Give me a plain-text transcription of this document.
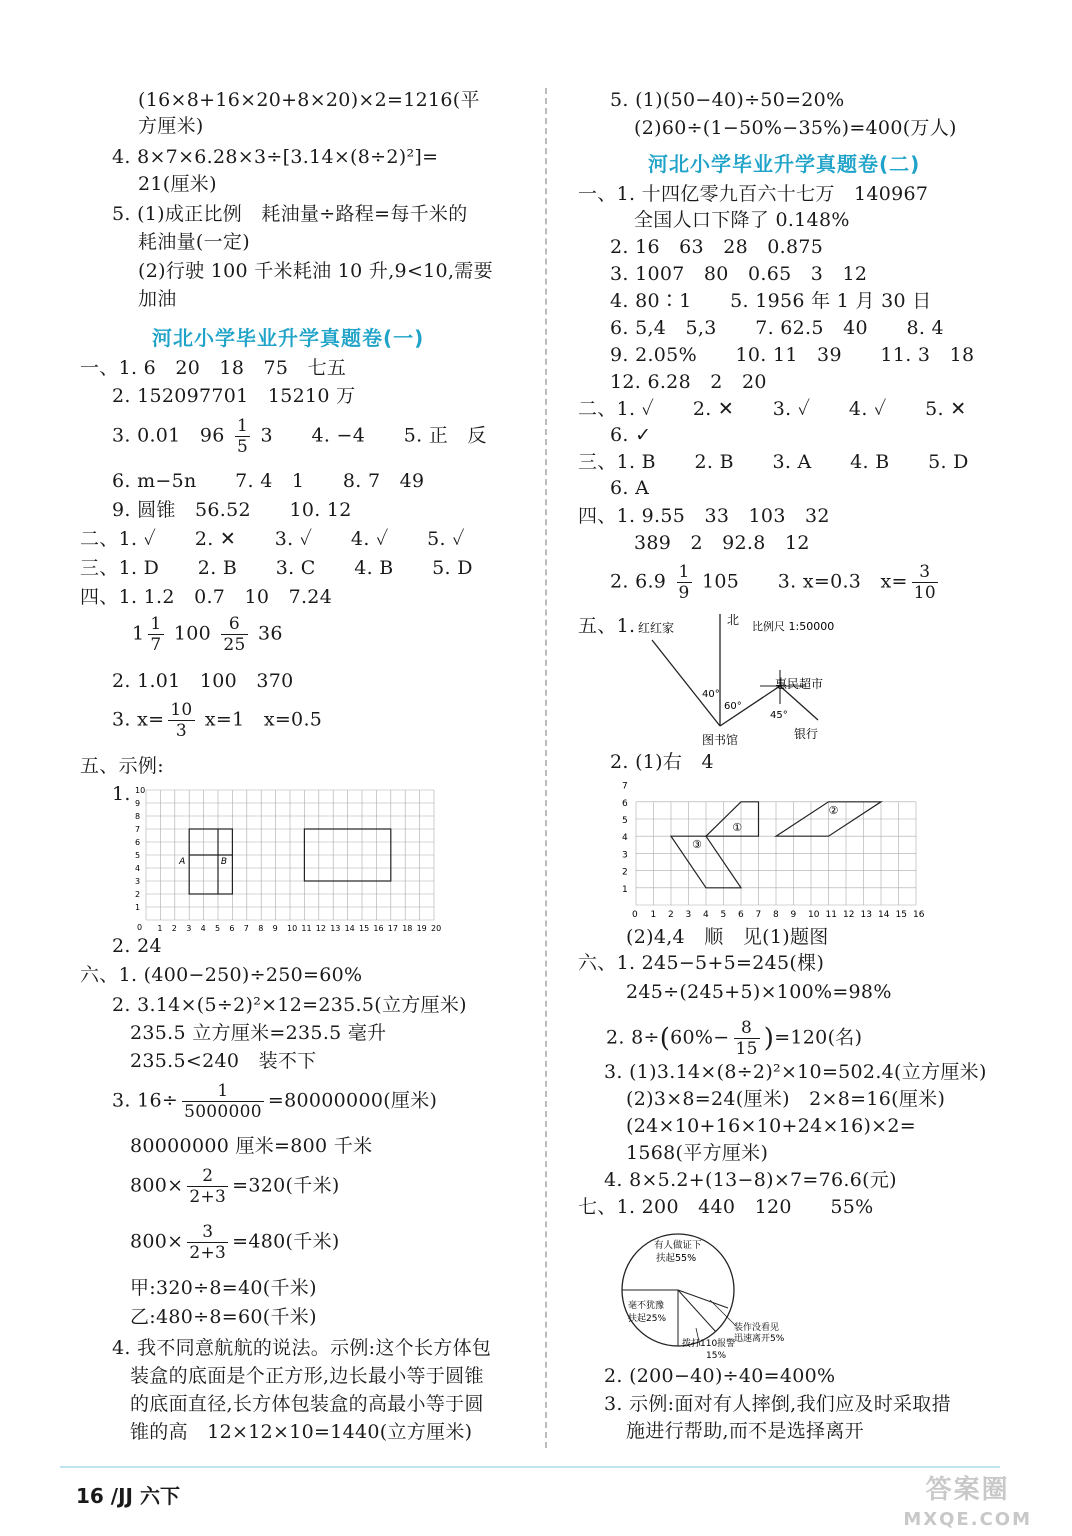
(16×8+16×20+8×20)×2=1216(平
方厘米)
4. 8×7×6.28×3÷[3.14×(8÷2)²]=
21(厘米)
5. (1)成正比例　耗油量÷路程=每千米的
耗油量(一定)
(2)行驶 100 千米耗油 10 升,9<10,需要
加油
河北小学毕业升学真题卷(一)
一、1. 6　20　18　75　七五
2. 152097701　15210 万
3. 0.01　$96 \frac{1}{5} 3$　　4. −4　　5. 正　反
6. m−5n　　7. 4　1　　8. 7　49
9. 圆锥　56.52　　10. 12
二、1. ✓　　2. ✕　　3. ✓　　4. ✓　　5. ✓
三、1. D　　2. B　　3. C　　4. B　　5. D
四、1. 1.2　0.7　10　7.24
$1 \frac{1}{7} 100 \frac{6}{25} 36$
2. 1.01　100　370
3. $x= \frac{10}{3} x=1$　x=0.5
五、示例:
1.
1 2 3 4 5 6 7 8 9 10 11 12 13 14 15 16 17 18 19 20
1
2
3
4
5
6
7
8
9
10
0
A	B
2. 24
六、1. (400−250)÷250=60%
2. 3.14×(5÷2)²×12=235.5(立方厘米)
235.5 立方厘米=235.5 毫升
235.5<240　装不下
3. $16\div \frac{1}{5000000} =80000000$(厘米)
80000000 厘米=800 千米
$800\times \frac{2}{2+3} =320$(千米)
$800\times \frac{3}{2+3} =480$(千米)
甲:320÷8=40(千米)
乙:480÷8=60(千米)
4. 我不同意航航的说法。示例:这个长方体包
装盒的底面是个正方形,边长最小等于圆锥
的底面直径,长方体包装盒的高最小等于圆
锥的高　12×12×10=1440(立方厘米)
5. (1)(50−40)÷50=20%
(2)60÷(1−50%−35%)=400(万人)
河北小学毕业升学真题卷(二)
一、1. 十四亿零九百六十七万　140967
全国人口下降了 0.148%
2. 16　63　28　0.875
3. 1007　80　0.65　3　12
4. 80∶1　　5. 1956 年 1 月 30 日
6. 5,4　5,3　　7. 62.5　40　　8. 4
9. 2.05%　　10. 11　39　　11. 3　18
12. 6.28　2　20
二、1. ✓　　2. ✕　　3. ✓　　4. ✓　　5. ✕
6. ✓
三、1. B　　2. B　　3. A　　4. B　　5. D
6. A
四、1. 9.55　33　103　32
389　2　92.8　12
2. $6.9 \frac{1}{9} 105$　　3. x=0.3　$x= \frac{3}{10}$
五、1.	北 比例尺 1:50000
红红家
惠民超市
银行
图书馆
40°
60°
45°
2. (1)右　4
1 2 3 4 5 6 7 8 9 10 11 12 13 14 15 16
1
2
3
4
5
6
7
0
①
②
③
(2)4,4　顺　见(1)题图
六、1. 245−5+5=245(棵)
245÷(245+5)×100%=98%
2. $8\div(60\%- \frac{8}{15} )=120$(名)
3. (1)3.14×(8÷2)²×10=502.4(立方厘米)
(2)3×8=24(厘米)　2×8=16(厘米)
(24×10+16×10+24×16)×2=
1568(平方厘米)
4. 8×5.2+(13−8)×7=76.6(元)
七、1. 200　440　120　　55%
有人做证下
扶起55%
毫不犹豫
扶起25%
装作没看见
迅速离开5%
拨打110报警
15%
2. (200−40)÷40=400%
3. 示例:面对有人摔倒,我们应及时采取措
施进行帮助,而不是选择离开
16 /JJ 六下	答案圈
MXQE.COM
